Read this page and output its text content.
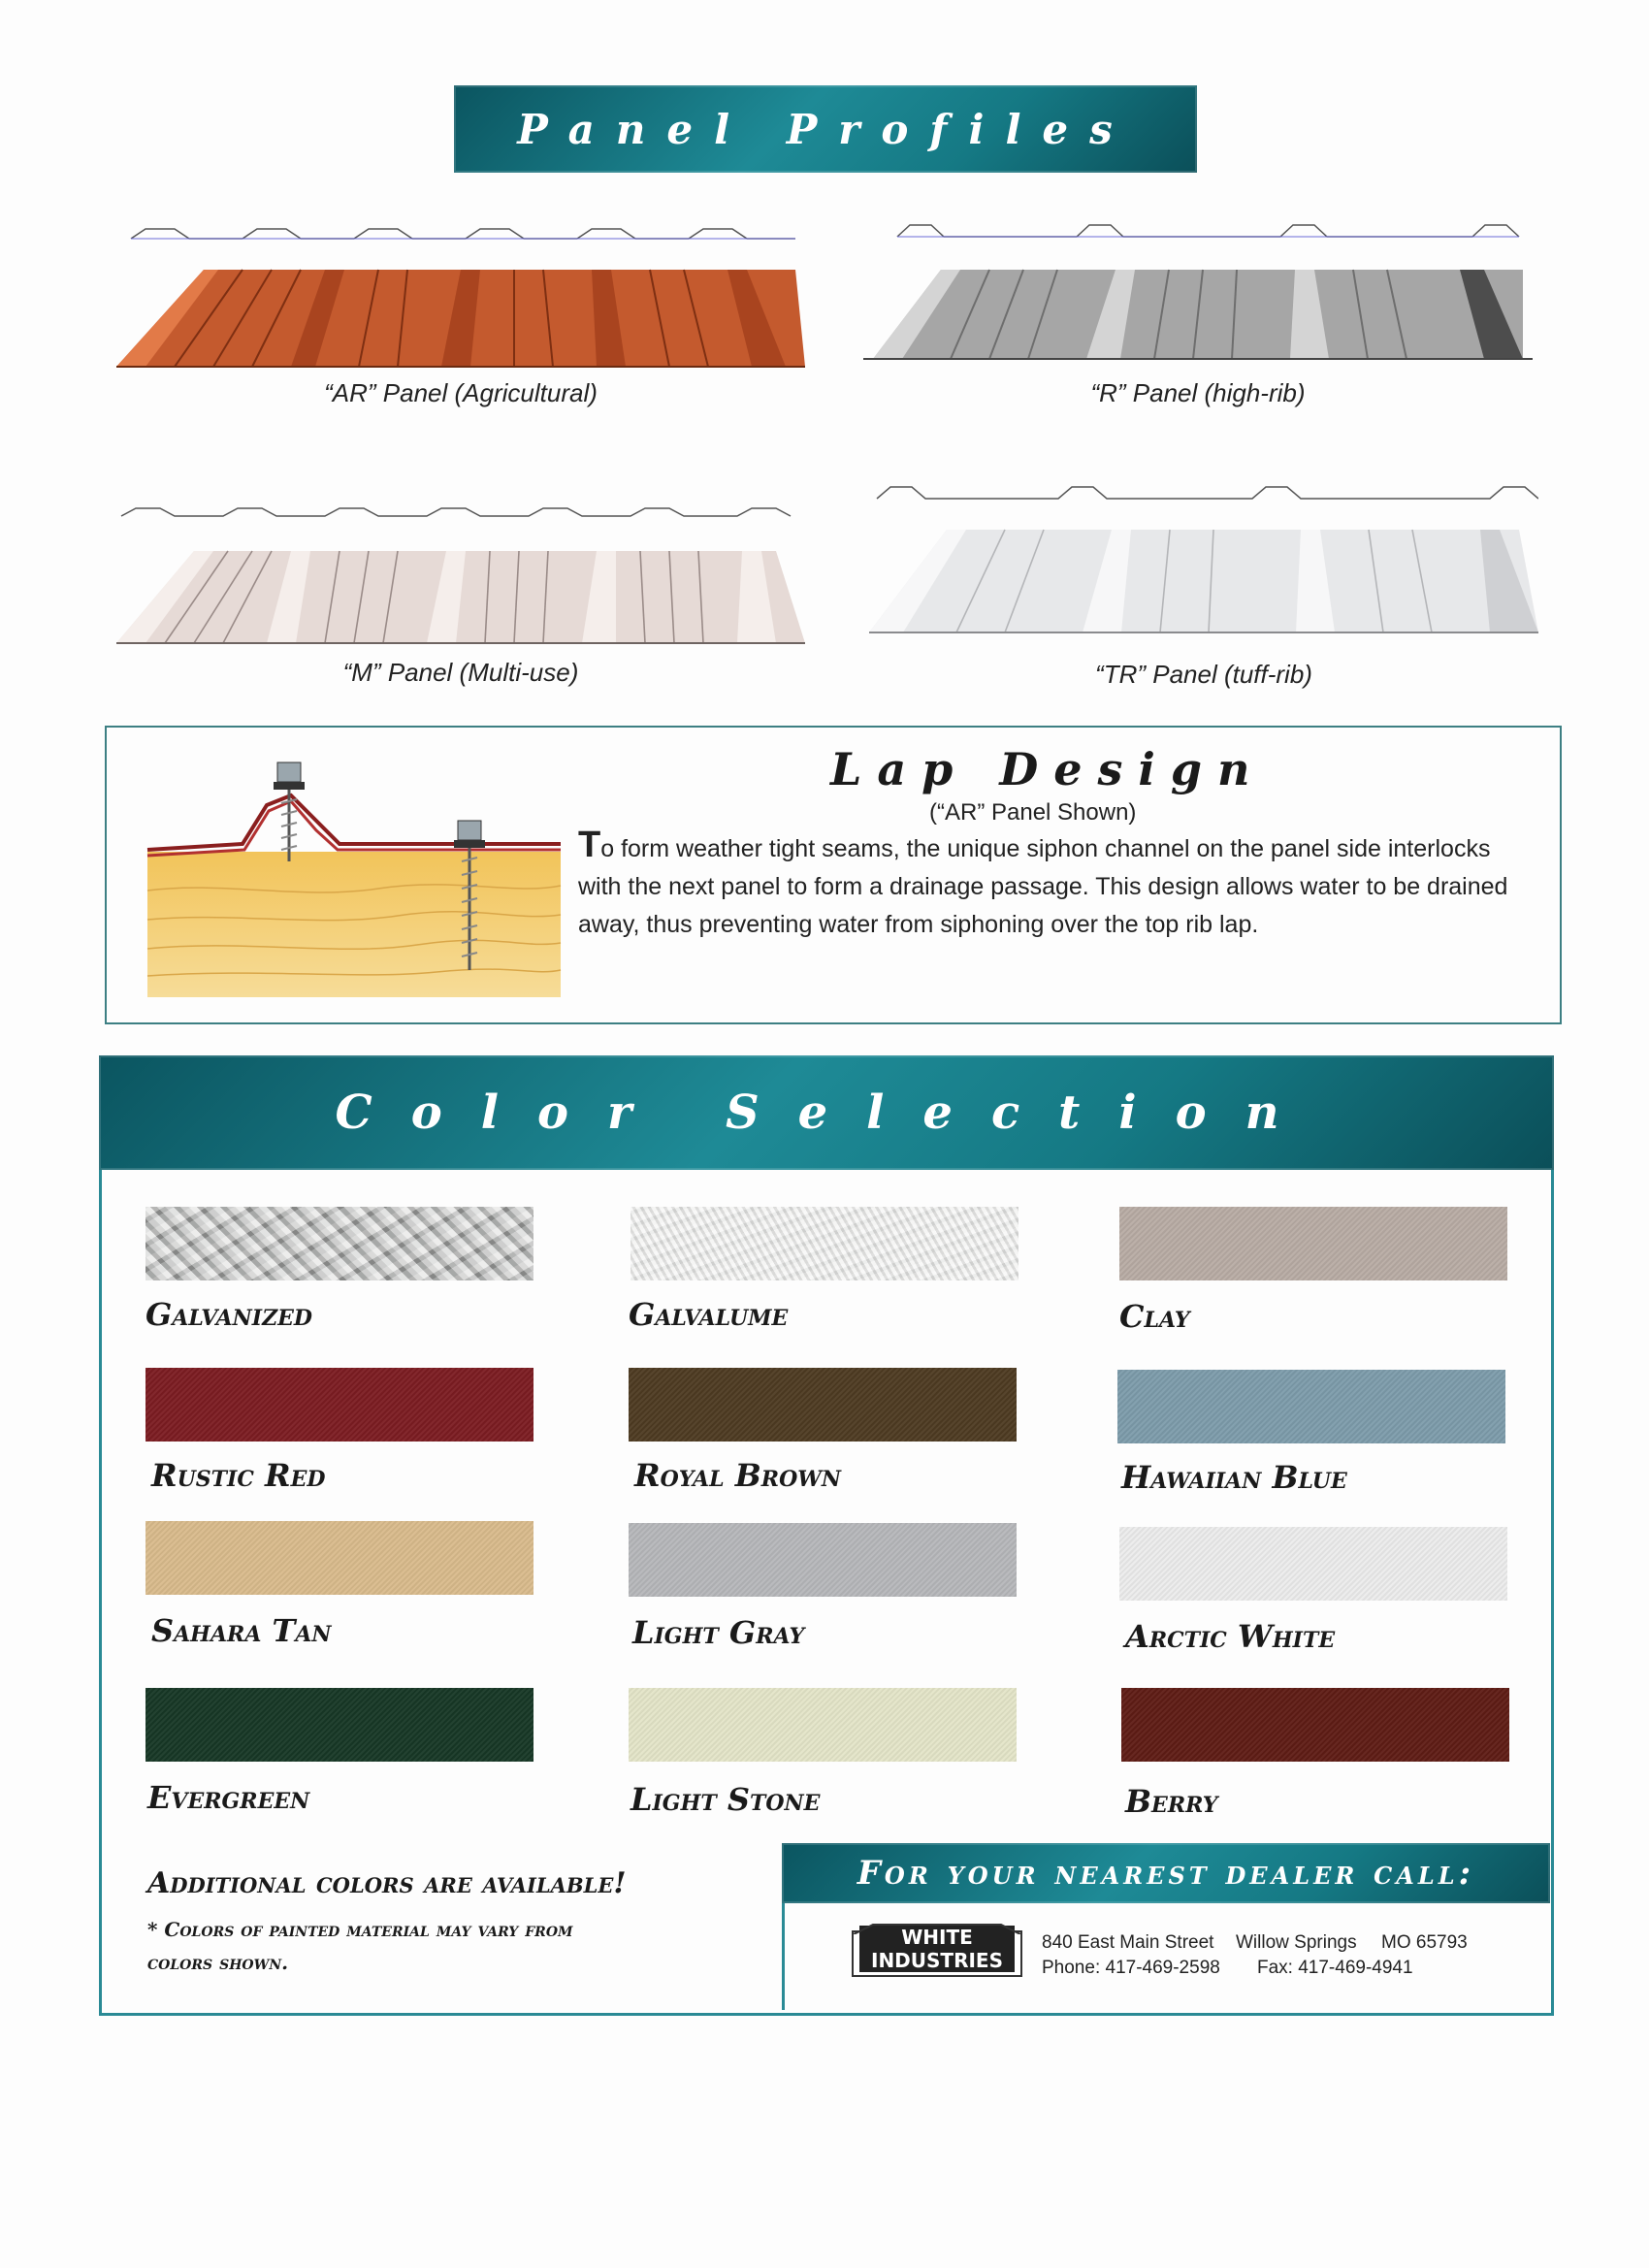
Panel Profiles
“AR” Panel (Agricultural)	“R” Panel (high-rib)
“M” Panel (Multi-use)	“TR” Panel (tuff-rib)
Lap Design
(“AR” Panel Shown)
To form weather tight seams, the unique siphon channel on the panel side interlocks with the next panel to form a drainage passage. This design allows water to be drained away, thus preventing water from siphoning over the top rib lap.
Color Selection
Galvanized	Galvalume	Clay
Rustic Red	Royal Brown	Hawaiian Blue
Sahara Tan	Light Gray	Arctic White
Evergreen	Light Stone	Berry
Additional colors are available!
* Colors of painted material may vary from colors shown.
For your nearest dealer call:
WHITE INDUSTRIES
840 East Main Street Willow Springs MO 65793
Phone: 417-469-2598 Fax: 417-469-4941
